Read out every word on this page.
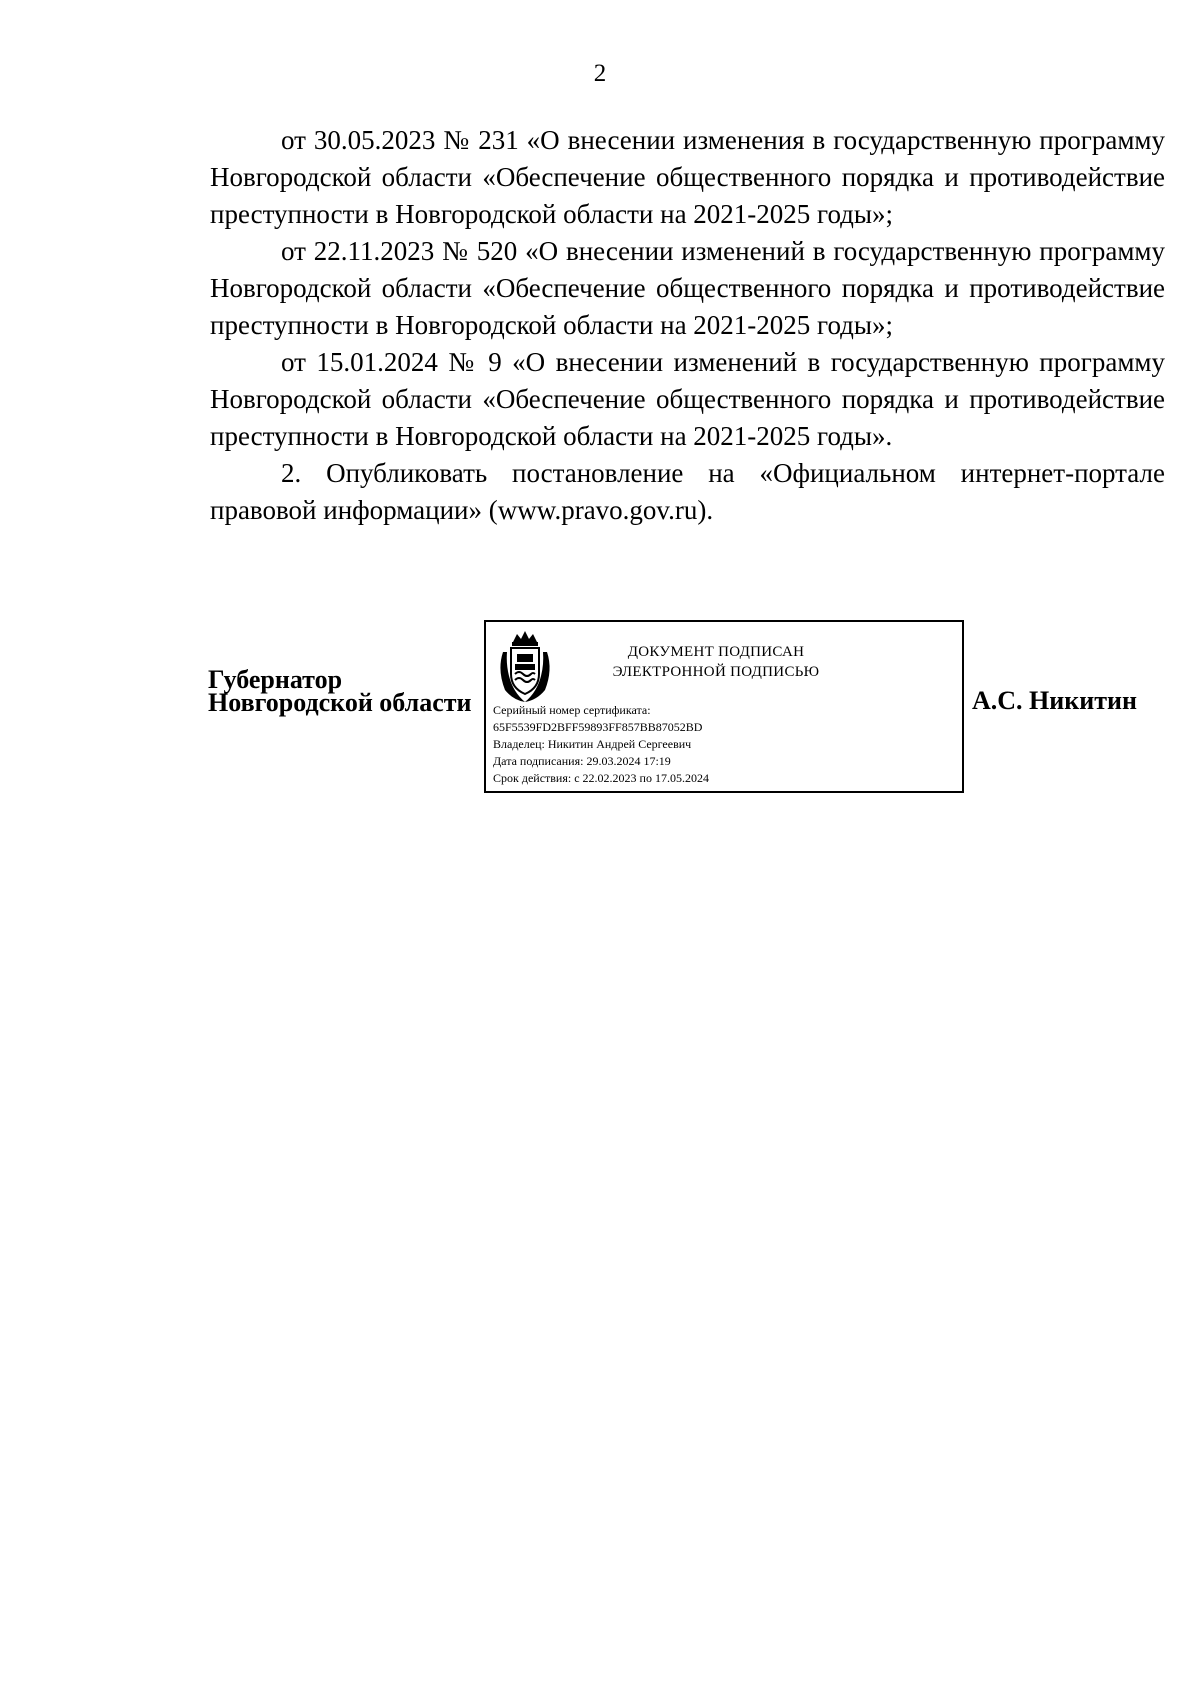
2

от 30.05.2023 № 231 «О внесении изменения в государственную программу Новгородской области «Обеспечение общественного порядка и противодействие преступности в Новгородской области на 2021-2025 годы»;

от 22.11.2023 № 520 «О внесении изменений в государственную программу Новгородской области «Обеспечение общественного порядка и противодействие преступности в Новгородской области на 2021-2025 годы»;

от 15.01.2024 № 9 «О внесении изменений в государственную программу Новгородской области «Обеспечение общественного порядка и противодействие преступности в Новгородской области на 2021-2025 годы».

2. Опубликовать постановление на «Официальном интернет-портале правовой информации» (www.pravo.gov.ru).

Губернатор
Новгородской области
ДОКУМЕНТ ПОДПИСАН
ЭЛЕКТРОННОЙ ПОДПИСЬЮ
Серийный номер сертификата:
65F5539FD2BFF59893FF857BB87052BD
Владелец: Никитин Андрей Сергеевич
Дата подписания: 29.03.2024 17:19
Срок действия: с 22.02.2023 по 17.05.2024
А.С. Никитин
